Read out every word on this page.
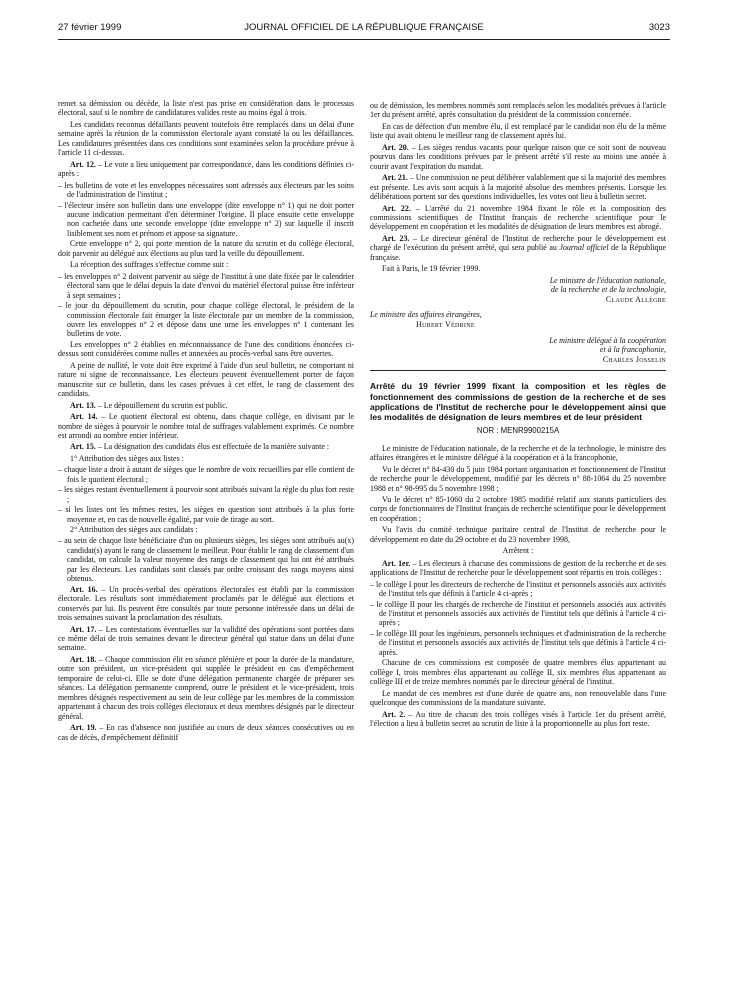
27 février 1999	JOURNAL OFFICIEL DE LA RÉPUBLIQUE FRANÇAISE	3023

remet sa démission ou décède, la liste n'est pas prise en considération dans le processus électoral, sauf si le nombre de candidatures valides reste au moins égal à trois.

Les candidats reconnus défaillants peuvent toutefois être remplacés dans un délai d'une semaine après la réunion de la commission électorale ayant constaté la ou les défaillances. Les candidatures présentées dans ces conditions sont examinées selon la procédure prévue à l'article 11 ci-dessus.

Art. 12. – Le vote a lieu uniquement par correspondance, dans les conditions définies ci-après :

– les bulletins de vote et les enveloppes nécessaires sont adressés aux électeurs par les soins de l'administration de l'institut ;

– l'électeur insère son bulletin dans une enveloppe (dite enveloppe n° 1) qui ne doit porter aucune indication permettant d'en déterminer l'origine. Il place ensuite cette enveloppe non cachetée dans une seconde enveloppe (dite enveloppe n° 2) sur laquelle il inscrit lisiblement ses nom et prénom et appose sa signature.

Cette enveloppe n° 2, qui porte mention de la nature du scrutin et du collège électoral, doit parvenir au délégué aux élections au plus tard la veille du dépouillement.

La réception des suffrages s'effectue comme suit :

– les enveloppes n° 2 doivent parvenir au siège de l'institut à une date fixée par le calendrier électoral sans que le délai depuis la date d'envoi du matériel électoral puisse être inférieur à sept semaines ;

– le jour du dépouillement du scrutin, pour chaque collège électoral, le président de la commission électorale fait émarger la liste électorale par un membre de la commission, ouvre les enveloppes n° 2 et dépose dans une urne les enveloppes n° 1 contenant les bulletins de vote.

Les enveloppes n° 2 établies en méconnaissance de l'une des conditions énoncées ci-dessus sont considérées comme nulles et annexées au procès-verbal sans être ouvertes.

A peine de nullité, le vote doit être exprimé à l'aide d'un seul bulletin, ne comportant ni rature ni signe de reconnaissance. Les électeurs peuvent éventuellement porter de façon manuscrite sur ce bulletin, dans les cases prévues à cet effet, le rang de classement des candidats.

Art. 13. – Le dépouillement du scrutin est public.

Art. 14. – Le quotient électoral est obtenu, dans chaque collège, en divisant par le nombre de sièges à pourvoir le nombre total de suffrages valablement exprimés. Ce nombre est arrondi au nombre entier inférieur.

Art. 15. – La désignation des candidats élus est effectuée de la manière suivante :

1° Attribution des sièges aux listes :

– chaque liste a droit à autant de sièges que le nombre de voix recueillies par elle contient de fois le quotient électoral ;

– les sièges restant éventuellement à pourvoir sont attribués suivant la règle du plus fort reste ;

– si les listes ont les mêmes restes, les sièges en question sont attribués à la plus forte moyenne et, en cas de nouvelle égalité, par voie de tirage au sort.

2° Attribution des sièges aux candidats :

– au sein de chaque liste bénéficiaire d'un ou plusieurs sièges, les sièges sont attribués au(x) candidat(s) ayant le rang de classement le meilleur. Pour établir le rang de classement d'un candidat, on calcule la valeur moyenne des rangs de classement qui lui ont été attribués par les électeurs. Les candidats sont classés par ordre croissant des rangs moyens ainsi obtenus.

Art. 16. – Un procès-verbal des opérations électorales est établi par la commission électorale. Les résultats sont immédiatement proclamés par le délégué aux élections et conservés par lui. Ils peuvent être consultés par toute personne intéressée dans un délai de trois semaines suivant la proclamation des résultats.

Art. 17. – Les contestations éventuelles sur la validité des opérations sont portées dans ce même délai de trois semaines devant le directeur général qui statue dans un délai d'une semaine.

Art. 18. – Chaque commission élit en séance plénière et pour la durée de la mandature, outre son président, un vice-président qui supplée le président en cas d'empêchement temporaire de celui-ci. Elle se dote d'une délégation permanente chargée de préparer ses séances. La délégation permanente comprend, outre le président et le vice-président, trois membres désignés respectivement au sein de leur collège par les membres de la commission appartenant à chacun des trois collèges électoraux et deux membres désignés par le directeur général.

Art. 19. – En cas d'absence non justifiée au cours de deux séances consécutives ou en cas de décès, d'empêchement définitif

ou de démission, les membres nommés sont remplacés selon les modalités prévues à l'article 1er du présent arrêté, après consultation du président de la commission concernée.

En cas de défection d'un membre élu, il est remplacé par le candidat non élu de la même liste qui avait obtenu le meilleur rang de classement après lui.

Art. 20. – Les sièges rendus vacants pour quelque raison que ce soit sont de nouveau pourvus dans les conditions prévues par le présent arrêté s'il reste au moins une année à courir avant l'expiration du mandat.

Art. 21. – Une commission ne peut délibérer valablement que si la majorité des membres est présente. Les avis sont acquis à la majorité absolue des membres présents. Lorsque les délibérations portent sur des questions individuelles, les votes ont lieu à bulletin secret.

Art. 22. – L'arrêté du 21 novembre 1984 fixant le rôle et la composition des commissions scientifiques de l'Institut français de recherche scientifique pour le développement en coopération et les modalités de désignation de leurs membres est abrogé.

Art. 23. – Le directeur général de l'Institut de recherche pour le développement est chargé de l'exécution du présent arrêté, qui sera publié au Journal officiel de la République française.

Fait à Paris, le 19 février 1999.

Le ministre de l'éducation nationale,
de la recherche et de la technologie,
Claude Allègre
Le ministre des affaires étrangères,
Hubert Védrine
Le ministre délégué à la coopération
et à la francophonie,
Charles Josselin

Arrêté du 19 février 1999 fixant la composition et les règles de fonctionnement des commissions de gestion de la recherche et de ses applications de l'Institut de recherche pour le développement ainsi que les modalités de désignation de leurs membres et de leur président

NOR : MENR9900215A

Le ministre de l'éducation nationale, de la recherche et de la technologie, le ministre des affaires étrangères et le ministre délégué à la coopération et à la francophonie,

Vu le décret n° 84-430 du 5 juin 1984 portant organisation et fonctionnement de l'Institut de recherche pour le développement, modifié par les décrets n° 88-1064 du 25 novembre 1988 et n° 98-995 du 5 novembre 1998 ;

Vu le décret n° 85-1060 du 2 octobre 1985 modifié relatif aux statuts particuliers des corps de fonctionnaires de l'Institut français de recherche scientifique pour le développement en coopération ;

Vu l'avis du comité technique paritaire central de l'Institut de recherche pour le développement en date du 29 octobre et du 23 novembre 1998,

Arrêtent :

Art. 1er. – Les électeurs à chacune des commissions de gestion de la recherche et de ses applications de l'Institut de recherche pour le développement sont répartis en trois collèges :

– le collège I pour les directeurs de recherche de l'institut et personnels associés aux activités de l'institut tels que définis à l'article 4 ci-après ;

– le collège II pour les chargés de recherche de l'institut et personnels associés aux activités de l'institut et personnels associés aux activités de l'institut tels que définis à l'article 4 ci-après ;

– le collège III pour les ingénieurs, personnels techniques et d'administration de la recherche de l'institut et personnels associés aux activités de l'institut tels que définis à l'article 4 ci-après.

Chacune de ces commissions est composée de quatre membres élus appartenant au collège I, trois membres élus appartenant au collège II, six membres élus appartenant au collège III et de treize membres nommés par le directeur général de l'institut.

Le mandat de ces membres est d'une durée de quatre ans, non renouvelable dans l'une quelconque des commissions de la mandature suivante.

Art. 2. – Au titre de chacun des trois collèges visés à l'article 1er du présent arrêté, l'élection a lieu à bulletin secret au scrutin de liste à la proportionnelle au plus fort reste.
